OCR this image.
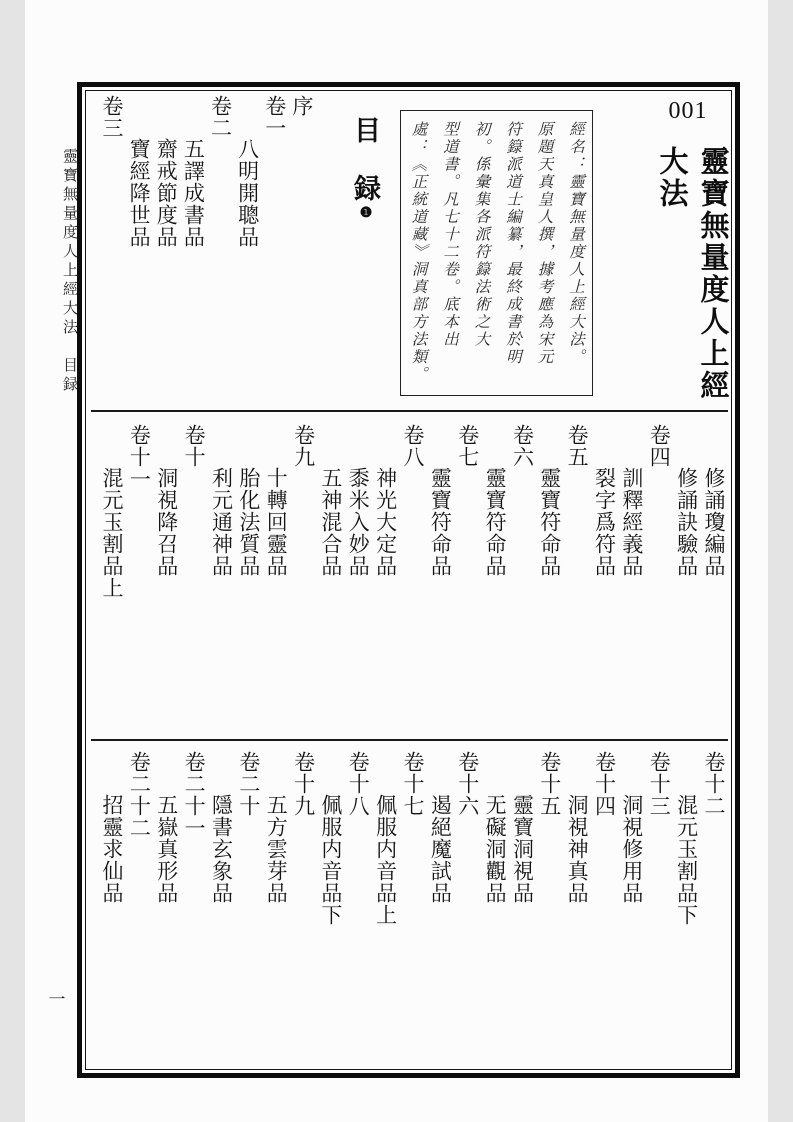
靈寶無量度人上經大法　目録
一
001
靈寶無量度人上經
大法
經名：靈寶無量度人上經大法。
原題天真皇人撰，據考應為宋元
符籙派道士編纂，最終成書於明
初。係彙集各派符籙法術之大
型道書。凡七十二卷。底本出
處：《正統道藏》洞真部方法類。
目　録❶
序
卷一
八明開聰品
卷二
五譯成書品
齋戒節度品
寶經降世品
卷三
修誦瓊編品
修誦訣驗品
卷四
訓釋經義品
裂字爲符品
卷五
靈寶符命品
卷六
靈寶符命品
卷七
靈寶符命品
卷八
神光大定品
黍米入妙品
五神混合品
卷九
十轉回靈品
胎化法質品
利元通神品
卷十
洞視降召品
卷十一
混元玉割品上
卷十二
混元玉割品下
卷十三
洞視修用品
卷十四
洞視神真品
卷十五
靈寶洞視品
无礙洞觀品
卷十六
遏絕魔試品
卷十七
佩服内音品上
卷十八
佩服内音品下
卷十九
五方雲芽品
卷二十
隱書玄象品
卷二十一
五嶽真形品
卷二十二
招靈求仙品
